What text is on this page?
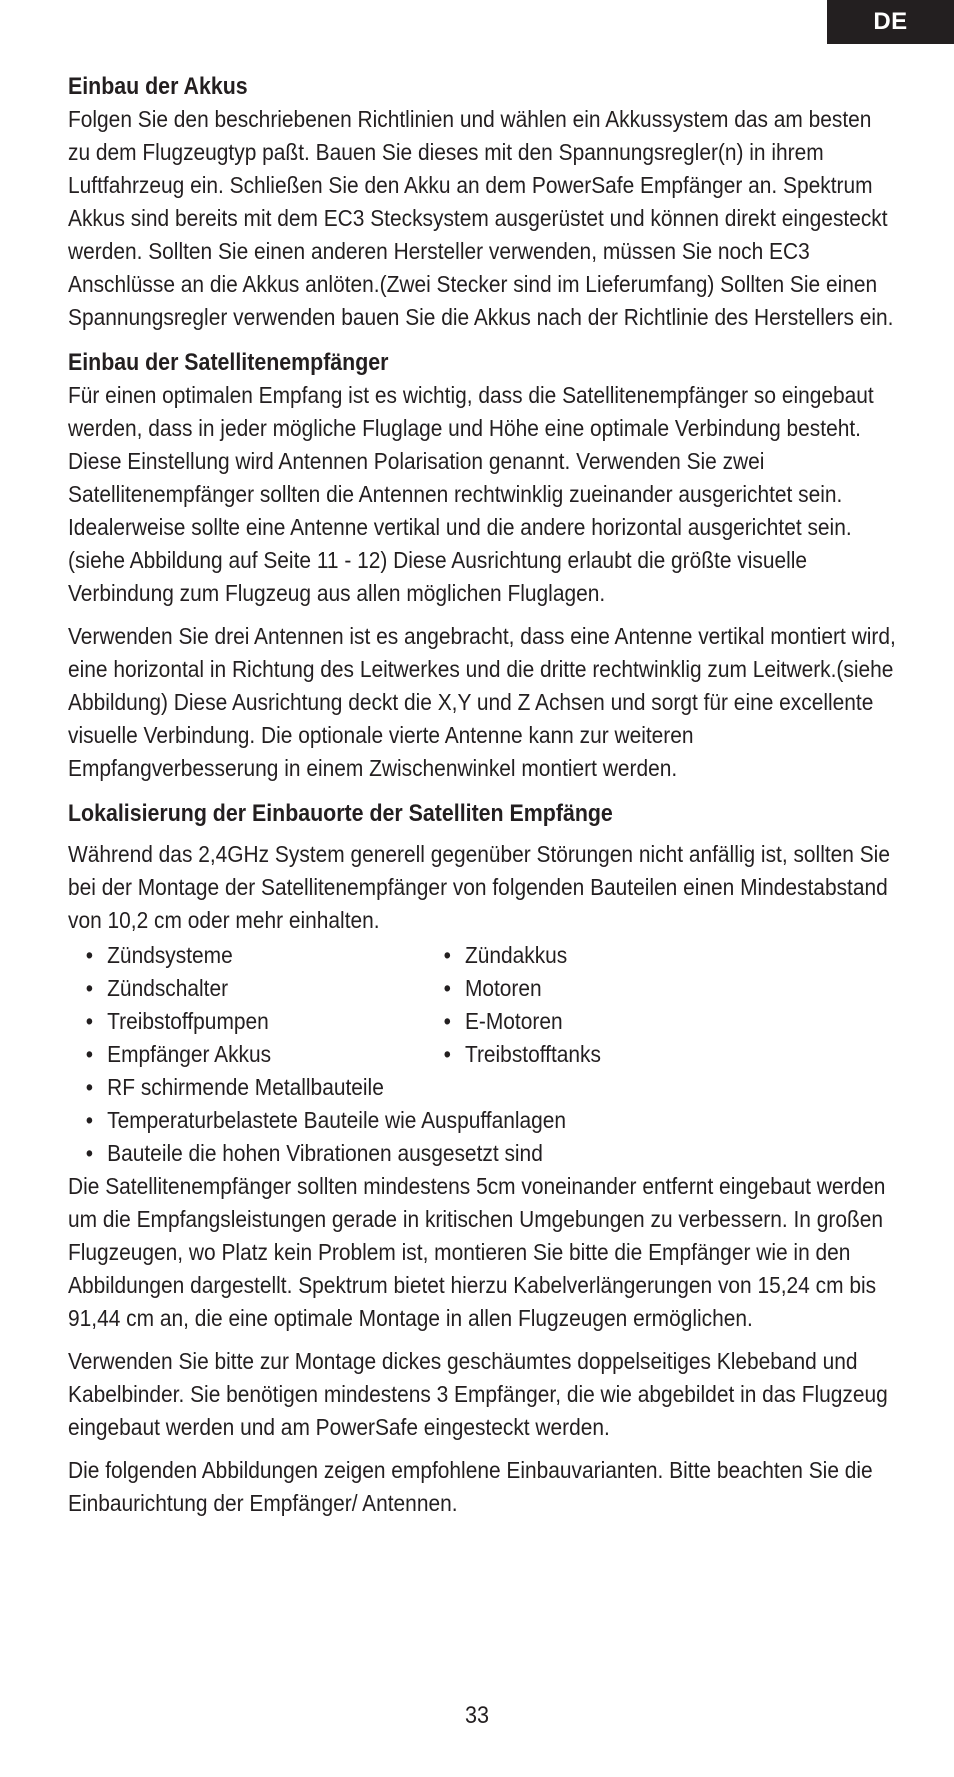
DE
Einbau der Akkus

Folgen Sie den beschriebenen Richtlinien und wählen ein Akkussystem das am besten zu dem Flugzeugtyp paßt. Bauen Sie dieses mit den Spannungsregler(n) in ihrem Luftfahrzeug ein. Schließen Sie den Akku an dem PowerSafe Empfänger an. Spektrum Akkus sind bereits mit dem EC3 Stecksystem ausgerüstet und können direkt eingesteckt werden. Sollten Sie einen anderen Hersteller verwenden, müssen Sie noch EC3 Anschlüsse an die Akkus anlöten.(Zwei Stecker sind im Lieferumfang) Sollten Sie einen Spannungsregler verwenden bauen Sie die Akkus nach der Richtlinie des Herstellers ein.

Einbau der Satellitenempfänger

Für einen optimalen Empfang ist es wichtig, dass die Satellitenempfänger so eingebaut werden, dass in jeder mögliche Fluglage und Höhe eine optimale Verbindung besteht. Diese Einstellung wird Antennen Polarisation genannt. Verwenden Sie zwei Satellitenempfänger sollten die Antennen rechtwinklig zueinander ausgerichtet sein. Idealerweise sollte eine Antenne vertikal und die andere horizontal ausgerichtet sein. (siehe Abbildung auf Seite 11 - 12) Diese Ausrichtung erlaubt die größte visuelle Verbindung zum Flugzeug aus allen möglichen Fluglagen.

Verwenden Sie drei Antennen ist es angebracht, dass eine Antenne vertikal montiert wird, eine horizontal in Richtung des Leitwerkes und die dritte rechtwinklig zum Leitwerk.(siehe Abbildung) Diese Ausrichtung deckt die X,Y und Z Achsen und sorgt für eine excellente visuelle Verbindung. Die optionale vierte Antenne kann zur weiteren Empfangverbesserung in einem Zwischenwinkel montiert werden.

Lokalisierung der Einbauorte der Satelliten Empfänge

Während das 2,4GHz System generell gegenüber Störungen nicht anfällig ist, sollten Sie bei der Montage der Satellitenempfänger von folgenden Bauteilen einen Mindestabstand von 10,2 cm oder mehr einhalten.

• Zündsysteme
• Zündschalter
• Treibstoffpumpen
• Empfänger Akkus
• Zündakkus
• Motoren
• E-Motoren
• Treibstofftanks
• RF schirmende Metallbauteile
• Temperaturbelastete Bauteile wie Auspuffanlagen
• Bauteile die hohen Vibrationen ausgesetzt sind

Die Satellitenempfänger sollten mindestens 5cm voneinander entfernt eingebaut werden um die Empfangsleistungen gerade in kritischen Umgebungen zu verbessern. In großen Flugzeugen, wo Platz kein Problem ist, montieren Sie bitte die Empfänger wie in den Abbildungen dargestellt. Spektrum bietet hierzu Kabelverlängerungen von 15,24 cm bis 91,44 cm an, die eine optimale Montage in allen Flugzeugen ermöglichen.

Verwenden Sie bitte zur Montage dickes geschäumtes doppelseitiges Klebeband und Kabelbinder. Sie benötigen mindestens 3 Empfänger, die wie abgebildet in das Flugzeug eingebaut werden und am PowerSafe eingesteckt werden.

Die folgenden Abbildungen zeigen empfohlene Einbauvarianten. Bitte beachten Sie die Einbaurichtung der Empfänger/ Antennen.

33
